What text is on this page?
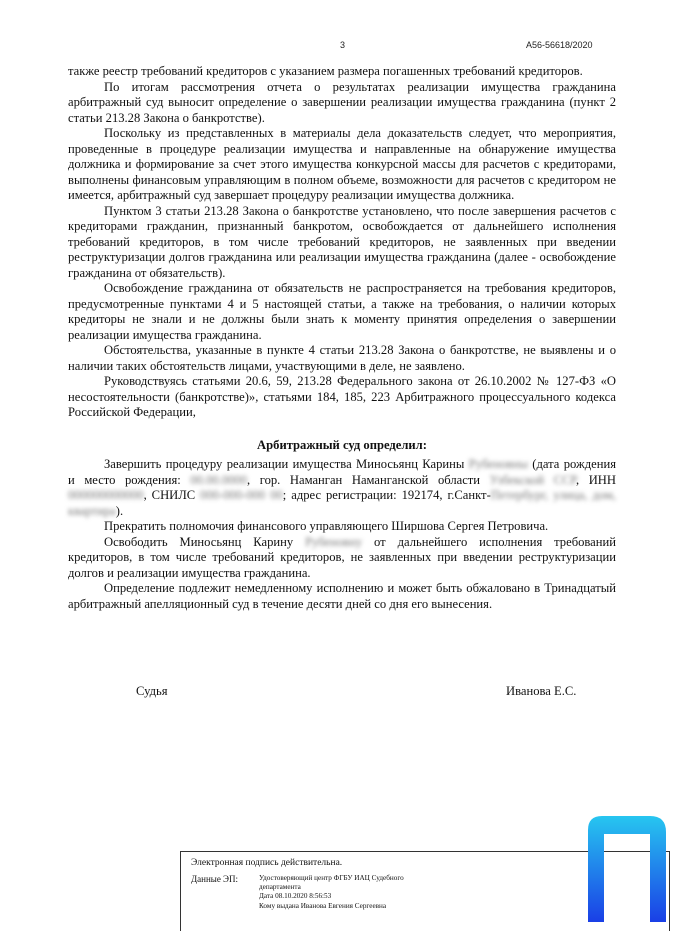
3	А56-56618/2020

также реестр требований кредиторов с указанием размера погашенных требований кредиторов.

По итогам рассмотрения отчета о результатах реализации имущества гражданина арбитражный суд выносит определение о завершении реализации имущества гражданина (пункт 2 статьи 213.28 Закона о банкротстве).

Поскольку из представленных в материалы дела доказательств следует, что мероприятия, проведенные в процедуре реализации имущества и направленные на обнаружение имущества должника и формирование за счет этого имущества конкурсной массы для расчетов с кредиторами, выполнены финансовым управляющим в полном объеме, возможности для расчетов с кредитором не имеется, арбитражный суд завершает процедуру реализации имущества должника.

Пунктом 3 статьи 213.28 Закона о банкротстве установлено, что после завершения расчетов с кредиторами гражданин, признанный банкротом, освобождается от дальнейшего исполнения требований кредиторов, в том числе требований кредиторов, не заявленных при введении реструктуризации долгов гражданина или реализации имущества гражданина (далее - освобождение гражданина от обязательств).

Освобождение гражданина от обязательств не распространяется на требования кредиторов, предусмотренные пунктами 4 и 5 настоящей статьи, а также на требования, о наличии которых кредиторы не знали и не должны были знать к моменту принятия определения о завершении реализации имущества гражданина.

Обстоятельства, указанные в пункте 4 статьи 213.28 Закона о банкротстве, не выявлены и о наличии таких обстоятельств лицами, участвующими в деле, не заявлено.

Руководствуясь статьями 20.6, 59, 213.28 Федерального закона от 26.10.2002 № 127-ФЗ «О несостоятельности (банкротстве)», статьями 184, 185, 223 Арбитражного процессуального кодекса Российской Федерации,

Арбитражный суд определил:

Завершить процедуру реализации имущества Миносьянц Карины Рубеновны (дата рождения и место рождения: 00.00.0000, гор. Наманган Наманганской области Узбекской ССР, ИНН 000000000000, СНИЛС 000-000-000 00; адрес регистрации: 192174, г.Санкт-Петербург, улица, дом, квартира).

Прекратить полномочия финансового управляющего Ширшова Сергея Петровича.

Освободить Миносьянц Карину Рубеновну от дальнейшего исполнения требований кредиторов, в том числе требований кредиторов, не заявленных при введении реструктуризации долгов и реализации имущества гражданина.

Определение подлежит немедленному исполнению и может быть обжаловано в Тринадцатый арбитражный апелляционный суд в течение десяти дней со дня его вынесения.

Судья	Иванова Е.С.
Электронная подпись действительна.
Данные ЭП:	Удостоверяющий центр ФГБУ ИАЦ Судебного
департамента
Дата 08.10.2020 8:56:53
Кому выдана Иванова Евгения Сергеевна
